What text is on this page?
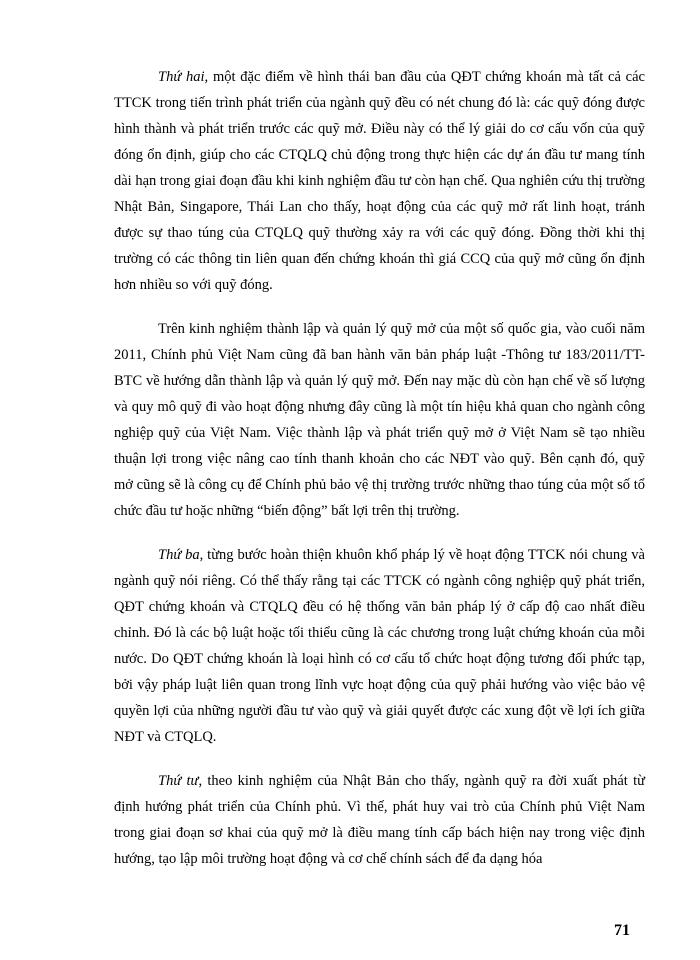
Thứ hai, một đặc điểm về hình thái ban đầu của QĐT chứng khoán mà tất cả các TTCK trong tiến trình phát triển của ngành quỹ đều có nét chung đó là: các quỹ đóng được hình thành và phát triển trước các quỹ mở. Điều này có thể lý giải do cơ cấu vốn của quỹ đóng ổn định, giúp cho các CTQLQ chủ động trong thực hiện các dự án đầu tư mang tính dài hạn trong giai đoạn đầu khi kinh nghiệm đầu tư còn hạn chế. Qua nghiên cứu thị trường Nhật Bản, Singapore, Thái Lan cho thấy, hoạt động của các quỹ mở rất linh hoạt, tránh được sự thao túng của CTQLQ quỹ thường xảy ra với các quỹ đóng. Đồng thời khi thị trường có các thông tin liên quan đến chứng khoán thì giá CCQ của quỹ mở cũng ổn định hơn nhiều so với quỹ đóng.

Trên kinh nghiệm thành lập và quản lý quỹ mở của một số quốc gia, vào cuối năm 2011, Chính phủ Việt Nam cũng đã ban hành văn bản pháp luật -Thông tư 183/2011/TT-BTC về hướng dẫn thành lập và quản lý quỹ mở. Đến nay mặc dù còn hạn chế về số lượng và quy mô quỹ đi vào hoạt động nhưng đây cũng là một tín hiệu khả quan cho ngành công nghiệp quỹ của Việt Nam. Việc thành lập và phát triển quỹ mở ở Việt Nam sẽ tạo nhiều thuận lợi trong việc nâng cao tính thanh khoản cho các NĐT vào quỹ. Bên cạnh đó, quỹ mở cũng sẽ là công cụ để Chính phủ bảo vệ thị trường trước những thao túng của một số tổ chức đầu tư hoặc những “biến động” bất lợi trên thị trường.

Thứ ba, từng bước hoàn thiện khuôn khổ pháp lý về hoạt động TTCK nói chung và ngành quỹ nói riêng. Có thể thấy rằng tại các TTCK có ngành công nghiệp quỹ phát triển, QĐT chứng khoán và CTQLQ đều có hệ thống văn bản pháp lý ở cấp độ cao nhất điều chỉnh. Đó là các bộ luật hoặc tối thiểu cũng là các chương trong luật chứng khoán của mỗi nước. Do QĐT chứng khoán là loại hình có cơ cấu tổ chức hoạt động tương đối phức tạp, bởi vậy pháp luật liên quan trong lĩnh vực hoạt động của quỹ phải hướng vào việc bảo vệ quyền lợi của những người đầu tư vào quỹ và giải quyết được các xung đột về lợi ích giữa NĐT và CTQLQ.

Thứ tư, theo kinh nghiệm của Nhật Bản cho thấy, ngành quỹ ra đời xuất phát từ định hướng phát triển của Chính phủ. Vì thế, phát huy vai trò của Chính phủ Việt Nam trong giai đoạn sơ khai của quỹ mở là điều mang tính cấp bách hiện nay trong việc định hướng, tạo lập môi trường hoạt động và cơ chế chính sách để đa dạng hóa

71
